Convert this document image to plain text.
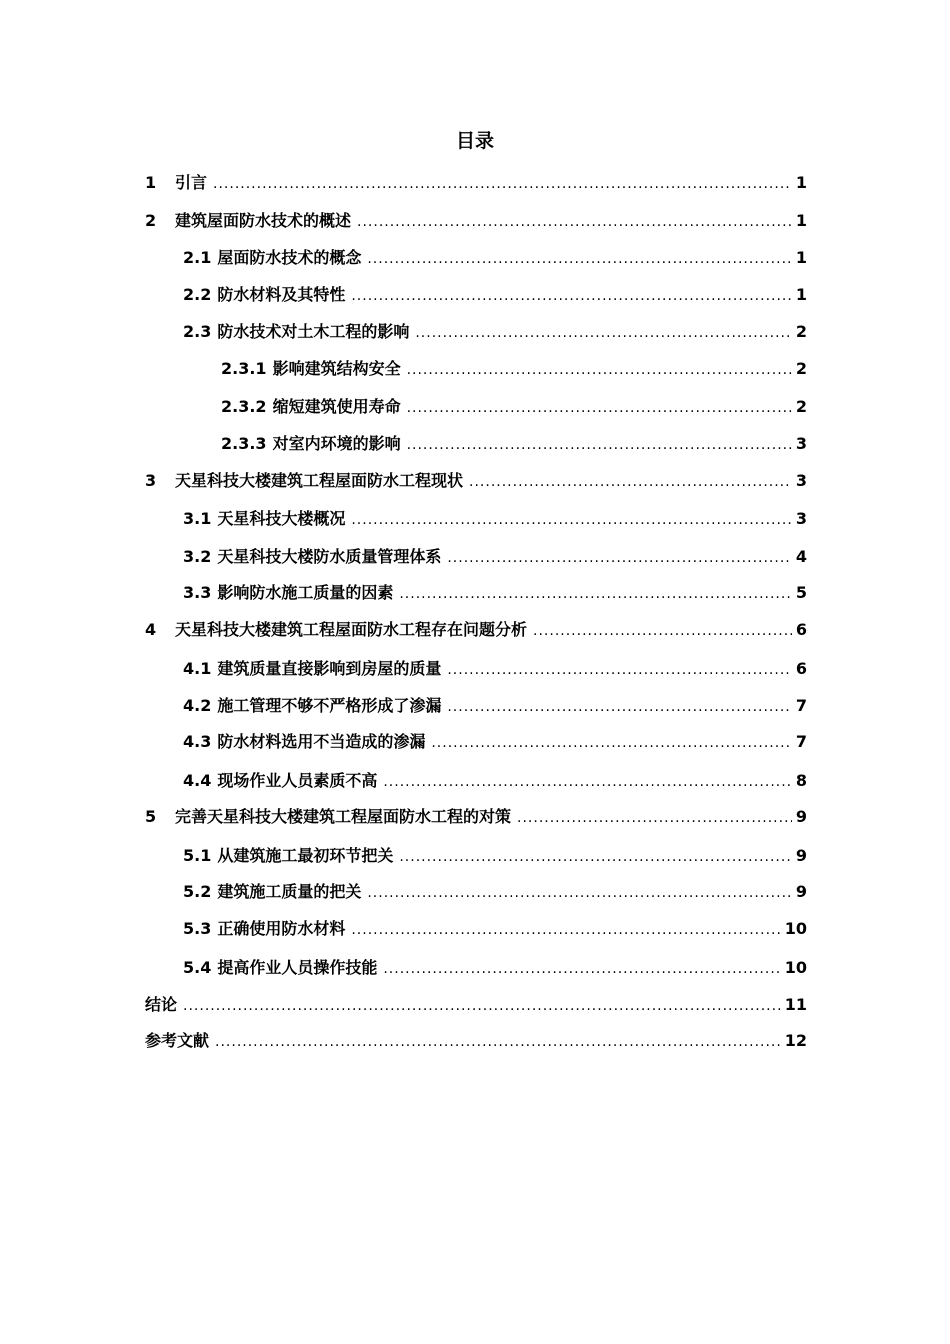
目录
1	引言 .....	1
2	建筑屋面防水技术的概述 .....	1
2.1 屋面防水技术的概念 .....	1
2.2 防水材料及其特性 .....	1
2.3 防水技术对土木工程的影响 .....	2
2.3.1 影响建筑结构安全 .....	2
2.3.2 缩短建筑使用寿命 .....	2
2.3.3 对室内环境的影响 .....	3
3	天星科技大楼建筑工程屋面防水工程现状 .....	3
3.1 天星科技大楼概况 .....	3
3.2 天星科技大楼防水质量管理体系 .....	4
3.3 影响防水施工质量的因素 .....	5
4	天星科技大楼建筑工程屋面防水工程存在问题分析 .....	6
4.1 建筑质量直接影响到房屋的质量 .....	6
4.2 施工管理不够不严格形成了渗漏 .....	7
4.3 防水材料选用不当造成的渗漏 .....	7
4.4 现场作业人员素质不高 .....	8
5	完善天星科技大楼建筑工程屋面防水工程的对策 .....	9
5.1 从建筑施工最初环节把关 .....	9
5.2 建筑施工质量的把关 .....	9
5.3 正确使用防水材料 .....	10
5.4 提高作业人员操作技能 .....	10
结论 .....	11
参考文献 .....	12
